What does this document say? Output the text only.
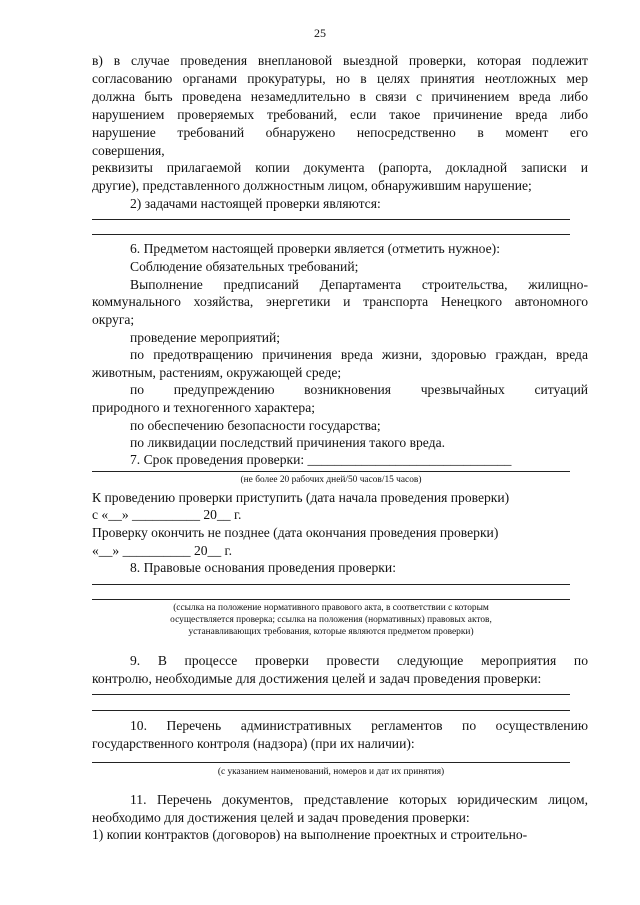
25
в) в случае проведения внеплановой выездной проверки, которая подлежит
согласованию органами прокуратуры, но в целях принятия неотложных мер
должна быть проведена незамедлительно в связи с причинением вреда либо
нарушением проверяемых требований, если такое причинение вреда либо
нарушение требований обнаружено непосредственно в момент его
совершения,
реквизиты прилагаемой копии документа (рапорта, докладной записки и
другие), представленного должностным лицом, обнаружившим нарушение;
2) задачами настоящей проверки являются:
6. Предметом настоящей проверки является (отметить нужное):
Соблюдение обязательных требований;
Выполнение предписаний Департамента строительства, жилищно-
коммунального хозяйства, энергетики и транспорта Ненецкого автономного
округа;
проведение мероприятий;
по предотвращению причинения вреда жизни, здоровью граждан, вреда
животным, растениям, окружающей среде;
по предупреждению возникновения чрезвычайных ситуаций
природного и техногенного характера;
по обеспечению безопасности государства;
по ликвидации последствий причинения такого вреда.
7. Срок проведения проверки: ______________________________
(не более 20 рабочих дней/50 часов/15 часов)
К проведению проверки приступить (дата начала проведения проверки)
с «__» __________ 20__ г.
Проверку окончить не позднее (дата окончания проведения проверки)
«__» __________ 20__ г.
8. Правовые основания проведения проверки:
(ссылка на положение нормативного правового акта, в соответствии с которым
осуществляется проверка; ссылка на положения (нормативных) правовых актов,
устанавливающих требования, которые являются предметом проверки)
9. В процессе проверки провести следующие мероприятия по
контролю, необходимые для достижения целей и задач проведения проверки:
10. Перечень административных регламентов по осуществлению
государственного контроля (надзора) (при их наличии):
(с указанием наименований, номеров и дат их принятия)
11. Перечень документов, представление которых юридическим лицом,
необходимо для достижения целей и задач проведения проверки:
1) копии контрактов (договоров) на выполнение проектных и строительно-
